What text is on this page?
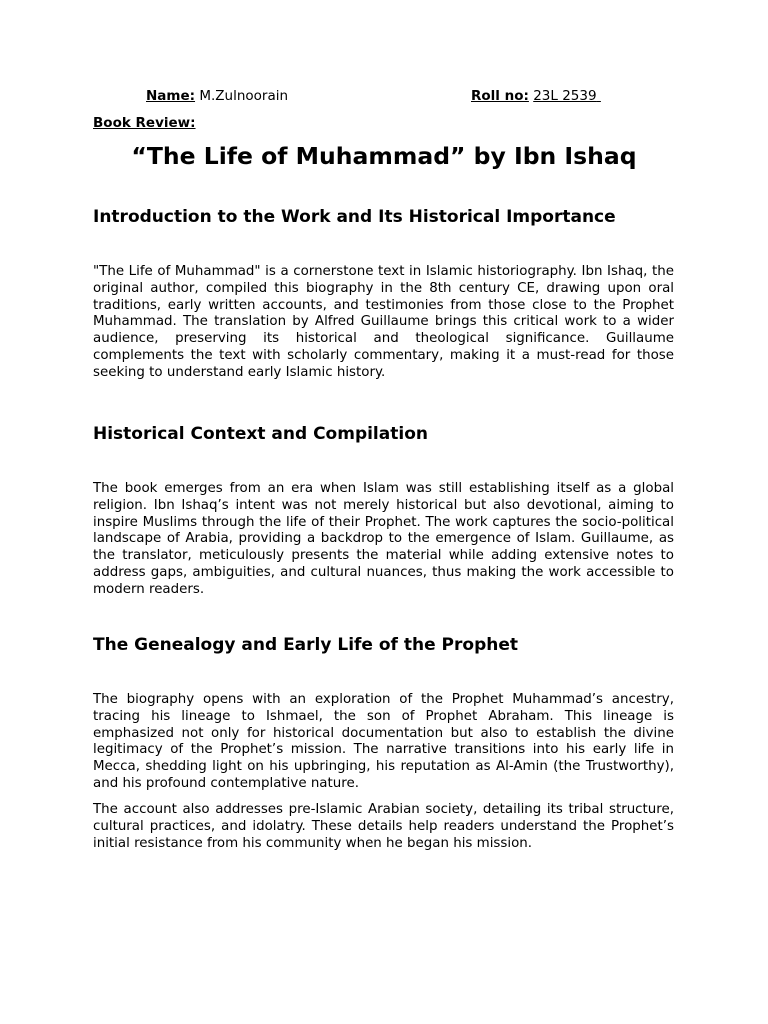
Name: M.Zulnoorain	Roll no: 23L 2539
Book Review:
“The Life of Muhammad” by Ibn Ishaq
Introduction to the Work and Its Historical Importance

"The Life of Muhammad" is a cornerstone text in Islamic historiography. Ibn Ishaq, the original author, compiled this biography in the 8th century CE, drawing upon oral traditions, early written accounts, and testimonies from those close to the Prophet Muhammad. The translation by Alfred Guillaume brings this critical work to a wider audience, preserving its historical and theological significance. Guillaume complements the text with scholarly commentary, making it a must-read for those seeking to understand early Islamic history.

Historical Context and Compilation

The book emerges from an era when Islam was still establishing itself as a global religion. Ibn Ishaq’s intent was not merely historical but also devotional, aiming to inspire Muslims through the life of their Prophet. The work captures the socio-political landscape of Arabia, providing a backdrop to the emergence of Islam. Guillaume, as the translator, meticulously presents the material while adding extensive notes to address gaps, ambiguities, and cultural nuances, thus making the work accessible to modern readers.

The Genealogy and Early Life of the Prophet

The biography opens with an exploration of the Prophet Muhammad’s ancestry, tracing his lineage to Ishmael, the son of Prophet Abraham. This lineage is emphasized not only for historical documentation but also to establish the divine legitimacy of the Prophet’s mission. The narrative transitions into his early life in Mecca, shedding light on his upbringing, his reputation as Al-Amin (the Trustworthy), and his profound contemplative nature.

The account also addresses pre-Islamic Arabian society, detailing its tribal structure, cultural practices, and idolatry. These details help readers understand the Prophet’s initial resistance from his community when he began his mission.
